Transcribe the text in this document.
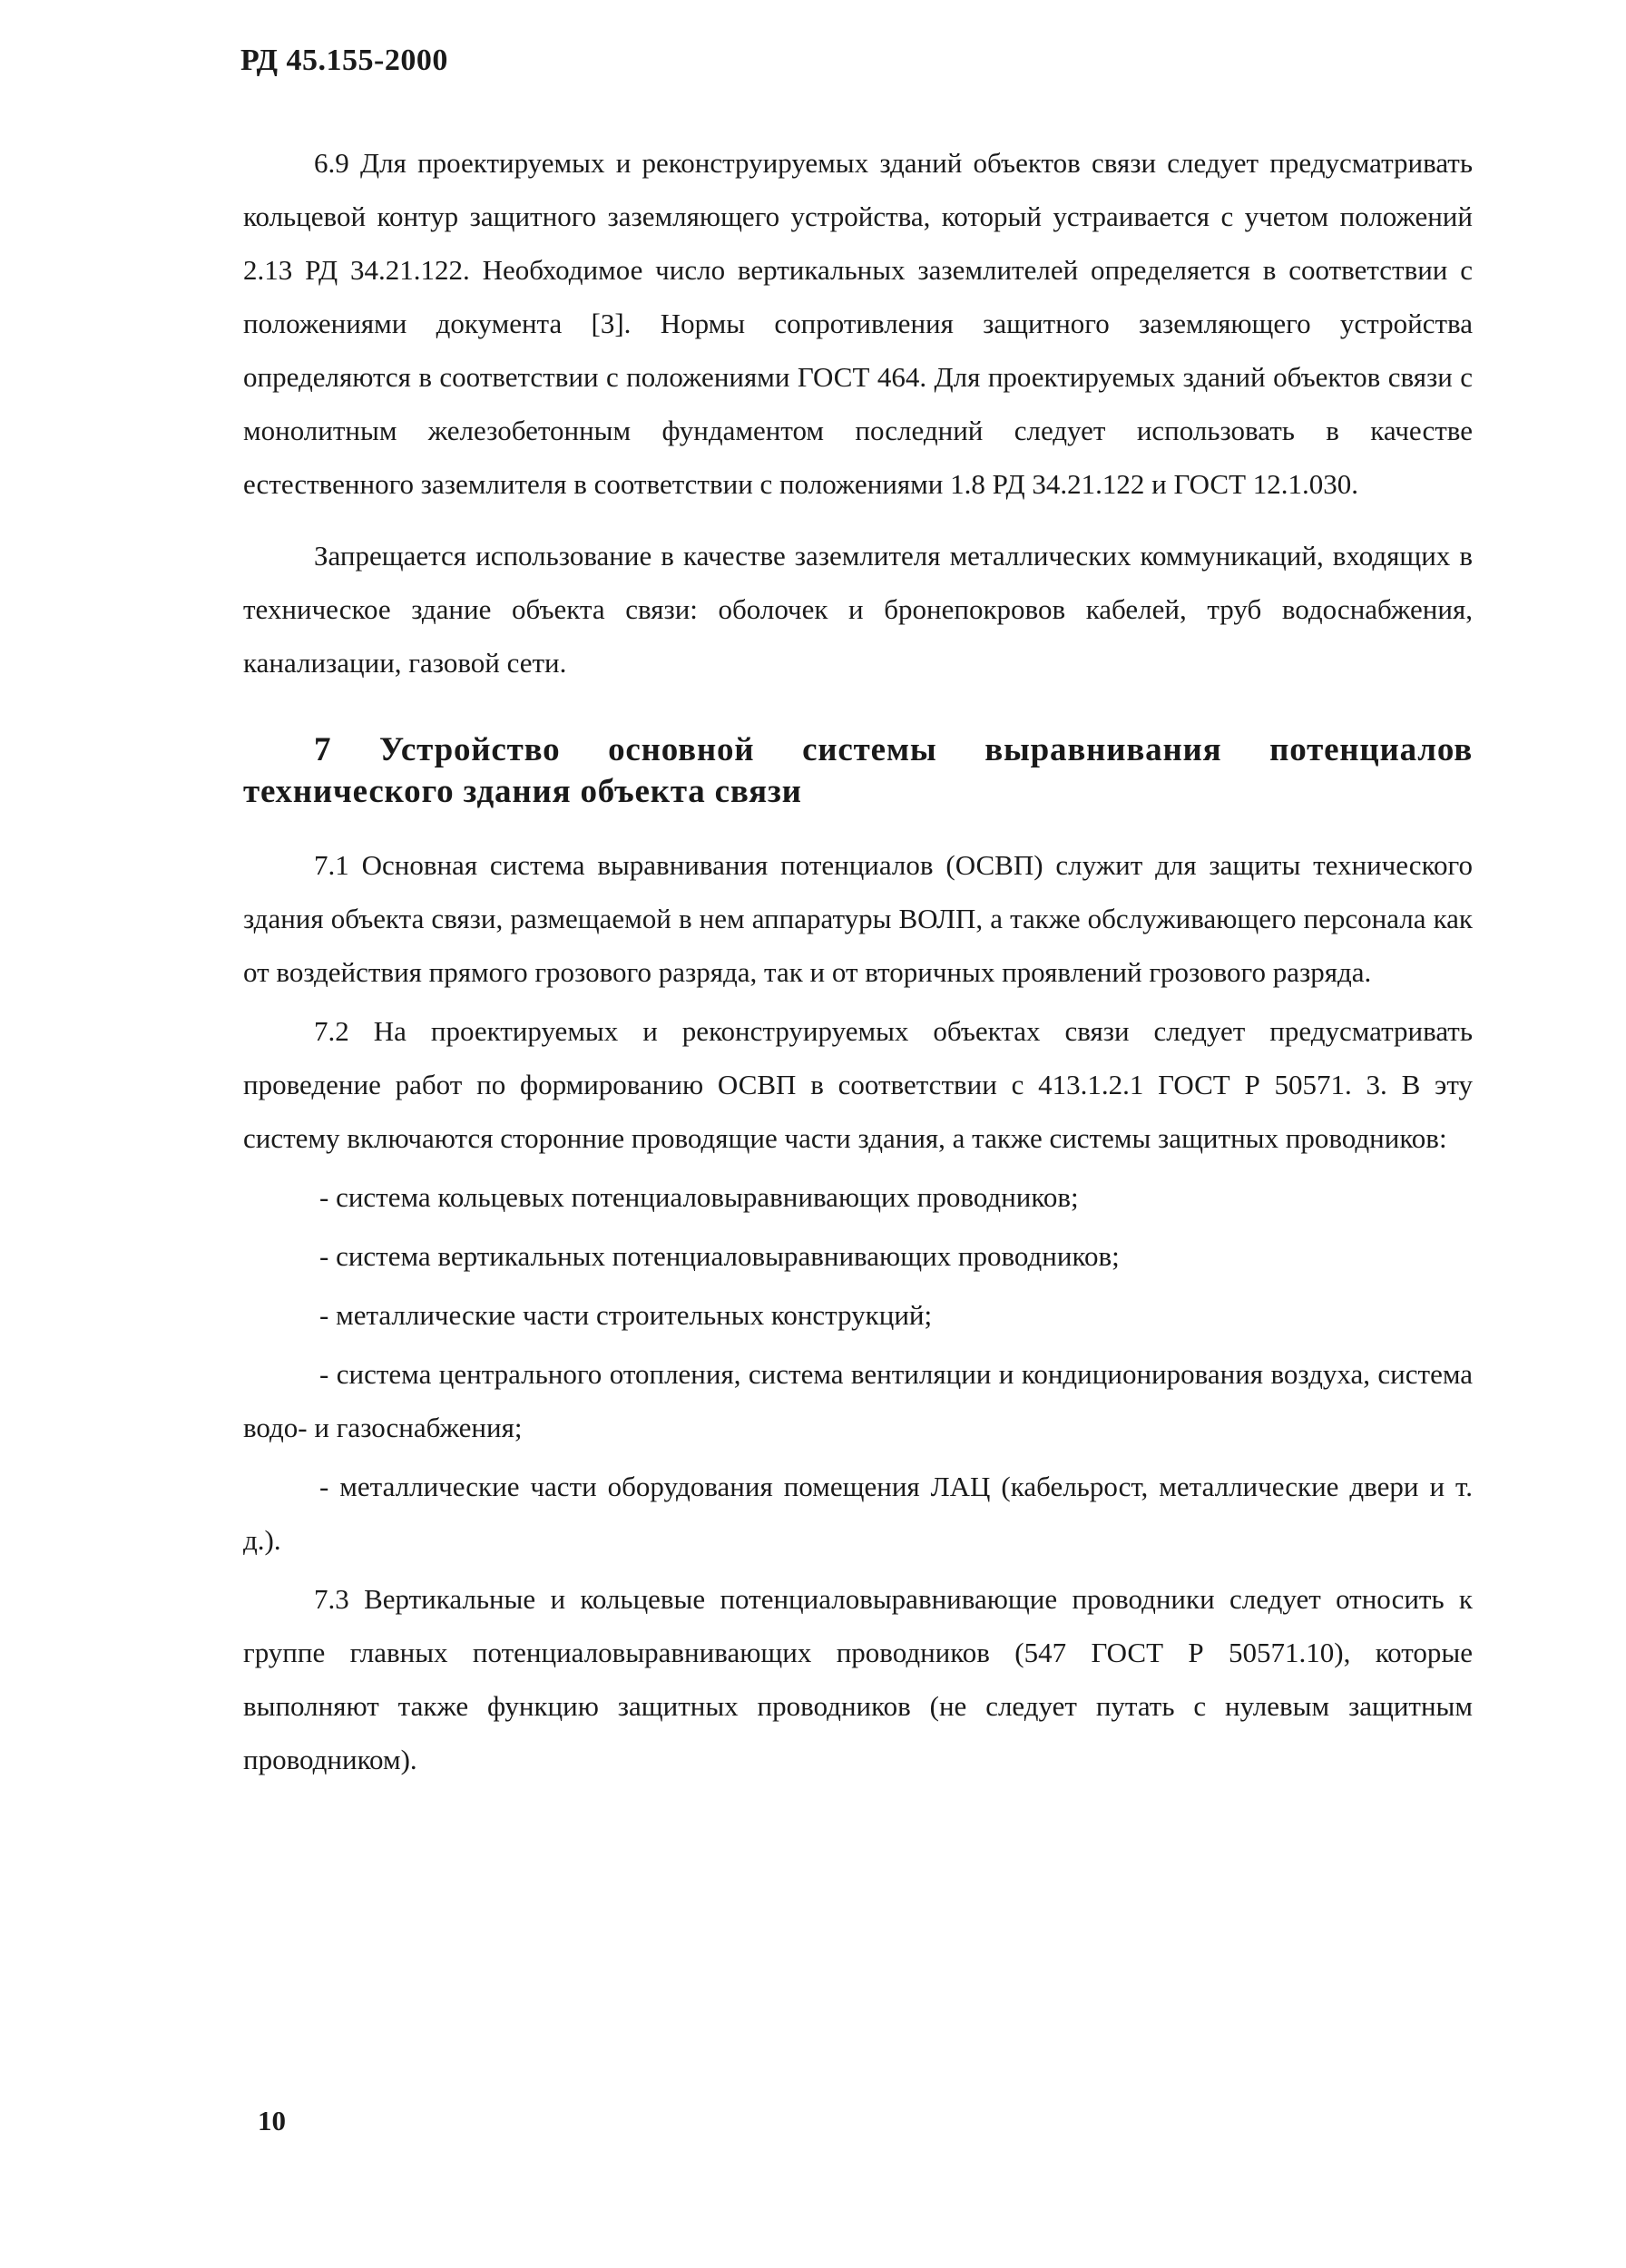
РД 45.155-2000

6.9 Для проектируемых и реконструируемых зданий объектов связи следует предусматривать кольцевой контур защитного заземляющего устройства, который устраивается с учетом положений 2.13 РД 34.21.122. Необходимое число вертикальных заземлителей определяется в соответствии с положениями документа [3]. Нормы сопротивления защитного заземляющего устройства определяются в соответствии с положениями ГОСТ 464. Для проектируемых зданий объектов связи с монолитным железобетонным фундаментом последний следует использовать в качестве естественного заземлителя в соответствии с положениями 1.8 РД 34.21.122 и ГОСТ 12.1.030.

Запрещается использование в качестве заземлителя металлических коммуникаций, входящих в техническое здание объекта связи: оболочек и бронепокровов кабелей, труб водоснабжения, канализации, газовой сети.

7 Устройство основной системы выравнивания потенциалов технического здания объекта связи

7.1 Основная система выравнивания потенциалов (ОСВП) служит для защиты технического здания объекта связи, размещаемой в нем аппаратуры ВОЛП, а также обслуживающего персонала как от воздействия прямого грозового разряда, так и от вторичных проявлений грозового разряда.

7.2 На проектируемых и реконструируемых объектах связи следует предусматривать проведение работ по формированию ОСВП в соответствии с 413.1.2.1 ГОСТ Р 50571. 3. В эту систему включаются сторонние проводящие части здания, а также системы защитных проводников:

- система кольцевых потенциаловыравнивающих проводников;

- система вертикальных потенциаловыравнивающих проводников;

- металлические части строительных конструкций;

- система центрального отопления, система вентиляции и кондиционирования воздуха, система водо- и газоснабжения;

- металлические части оборудования помещения ЛАЦ (кабельрост, металлические двери и т. д.).

7.3 Вертикальные и кольцевые потенциаловыравнивающие проводники следует относить к группе главных потенциаловыравнивающих проводников (547 ГОСТ Р 50571.10), которые выполняют также функцию защитных проводников (не следует путать с нулевым защитным проводником).

10
